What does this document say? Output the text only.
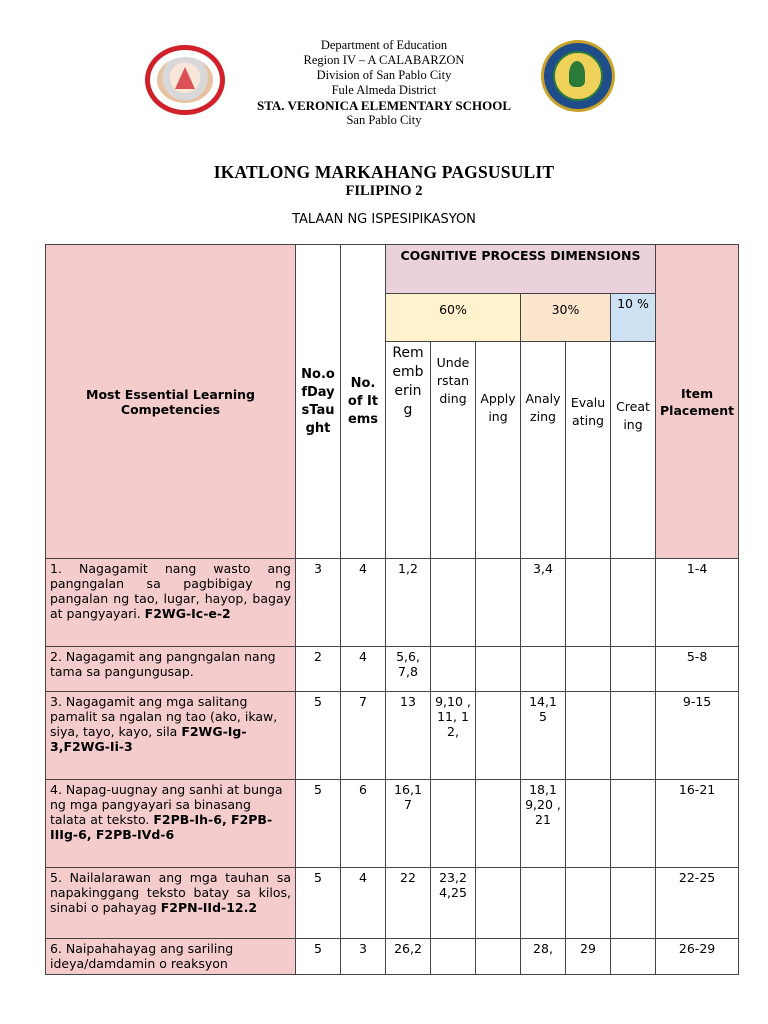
Department of Education
Region IV – A CALABARZON
Division of San Pablo City
Fule Almeda District
STA. VERONICA ELEMENTARY SCHOOL
San Pablo City
IKATLONG MARKAHANG PAGSUSULIT
FILIPINO 2
TALAAN NG ISPESIPIKASYON
Most Essential Learning Competencies	No.ofDaysTaught	No. of Items	COGNITIVE PROCESS DIMENSIONS						Item Placement
			60%			30%		10 %	
			Remembering	Understanding	Applying	Analyzing	Evaluating	Creating	
1. Nagagamit nang wasto ang pangngalan sa pagbibigay ng pangalan ng tao, lugar, hayop, bagay at pangyayari. F2WG-Ic-e-2	3	4	1,2			3,4			1-4
2. Nagagamit ang pangngalan nang tama sa pangungusap.	2	4	5,6, 7,8						5-8
3. Nagagamit ang mga salitang pamalit sa ngalan ng tao (ako, ikaw, siya, tayo, kayo, sila F2WG-Ig-3,F2WG-Ii-3	5	7	13	9,10 ,11, 12,		14,1 5			9-15
4. Napag-uugnay ang sanhi at bunga ng mga pangyayari sa binasang talata at teksto. F2PB-Ih-6, F2PB-IIIg-6, F2PB-IVd-6	5	6	16,1 7			18,1 9,20 ,21			16-21
5. Nailalarawan ang mga tauhan sa napakinggang teksto batay sa kilos, sinabi o pahayag F2PN-IId-12.2	5	4	22	23,2 4,25					22-25
6. Naipahahayag ang sariling ideya/damdamin o reaksyon	5	3	26,2			28,	29		26-29
